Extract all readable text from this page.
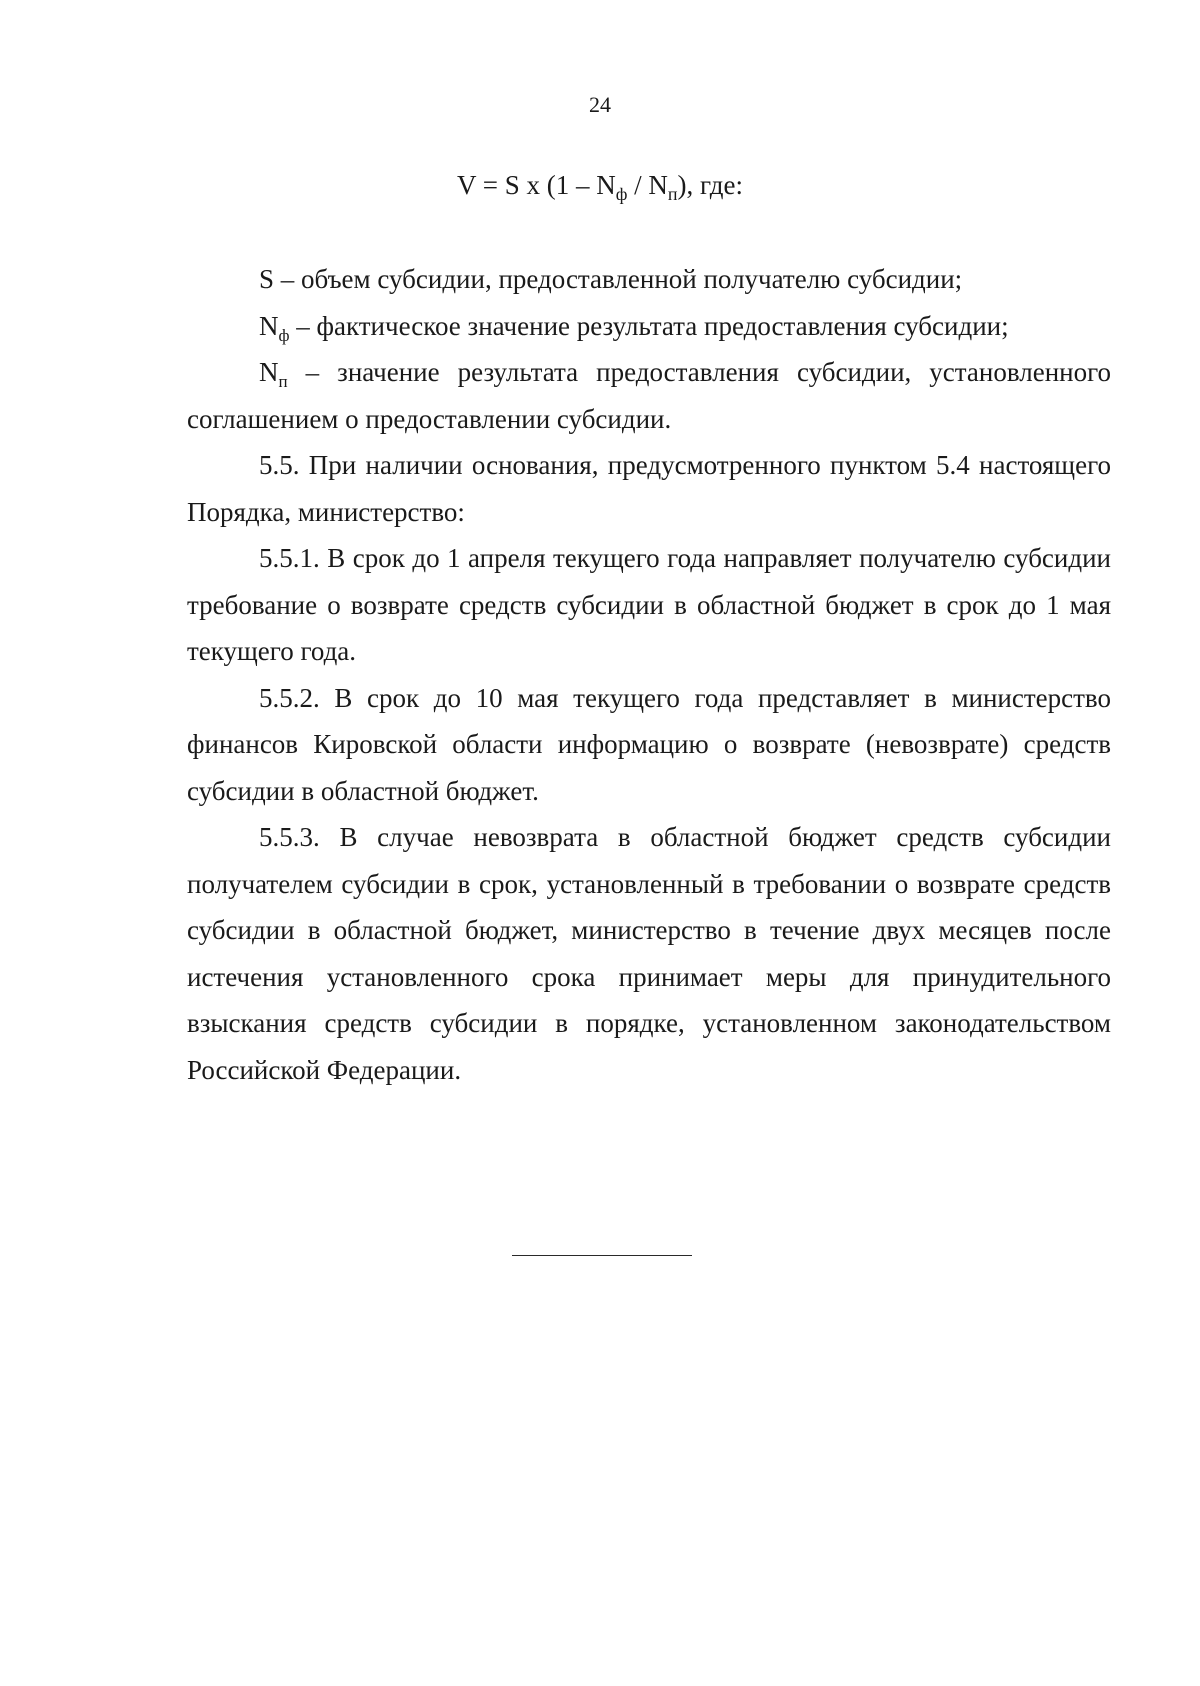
24
V = S x $(1 - N_ф / N_п)$, где:

S – объем субсидии, предоставленной получателю субсидии;

$N_ф$ – фактическое значение результата предоставления субсидии;

$N_п$ – значение результата предоставления субсидии, установленного соглашением о предоставлении субсидии.

5.5. При наличии основания, предусмотренного пунктом 5.4 настоящего Порядка, министерство:

5.5.1. В срок до 1 апреля текущего года направляет получателю субсидии требование о возврате средств субсидии в областной бюджет в срок до 1 мая текущего года.

5.5.2. В срок до 10 мая текущего года представляет в министерство финансов Кировской области информацию о возврате (невозврате) средств субсидии в областной бюджет.

5.5.3. В случае невозврата в областной бюджет средств субсидии получателем субсидии в срок, установленный в требовании о возврате средств субсидии в областной бюджет, министерство в течение двух месяцев после истечения установленного срока принимает меры для принудительного взыскания средств субсидии в порядке, установленном законодательством Российской Федерации.
